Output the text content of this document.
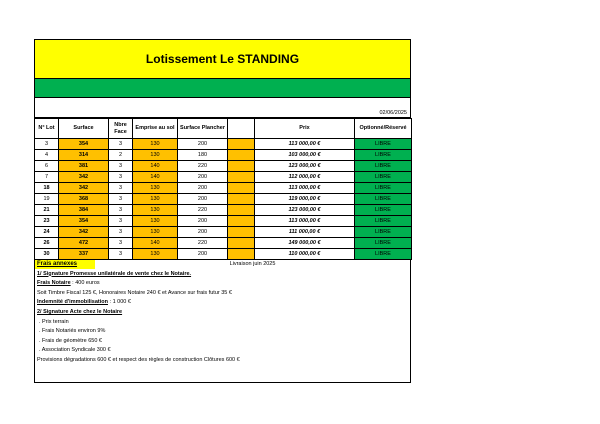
Lotissement Le STANDING
02/06/2025
N° Lot	Surface	Nbre Face	Emprise au sol	Surface Plancher		Prix	Optionné/Réservé
3	354	3	130	200		113 000,00 €	LIBRE
4	314	2	130	180		103 000,00 €	LIBRE
6	381	3	140	220		123 000,00 €	LIBRE
7	342	3	140	200		112 000,00 €	LIBRE
18	342	3	130	200		113 000,00 €	LIBRE
19	368	3	130	200		119 000,00 €	LIBRE
21	384	3	130	220		123 000,00 €	LIBRE
23	354	3	130	200		113 000,00 €	LIBRE
24	342	3	130	200		111 000,00 €	LIBRE
26	472	3	140	220		149 000,00 €	LIBRE
30	337	3	130	200		110 000,00 €	LIBRE
Livraison juin 2025
Frais annexes
1/ Signature Promesse unilatérale de vente chez le Notaire.
Frais Notaire : 400 euros
Soit Timbre Fiscal 125 €, Honoraires Notaire 240 € et Avance sur frais futur 35 €
Indemnité d'immobilisation : 1 000 €
2/ Signature Acte chez le Notaire
. Prix terrain
. Frais Notariés environ 9%
. Frais de géomètre 650 €
. Association Syndicale 300 €
Provisions dégradations 600 € et respect des règles de construction Clôtures 600 €
